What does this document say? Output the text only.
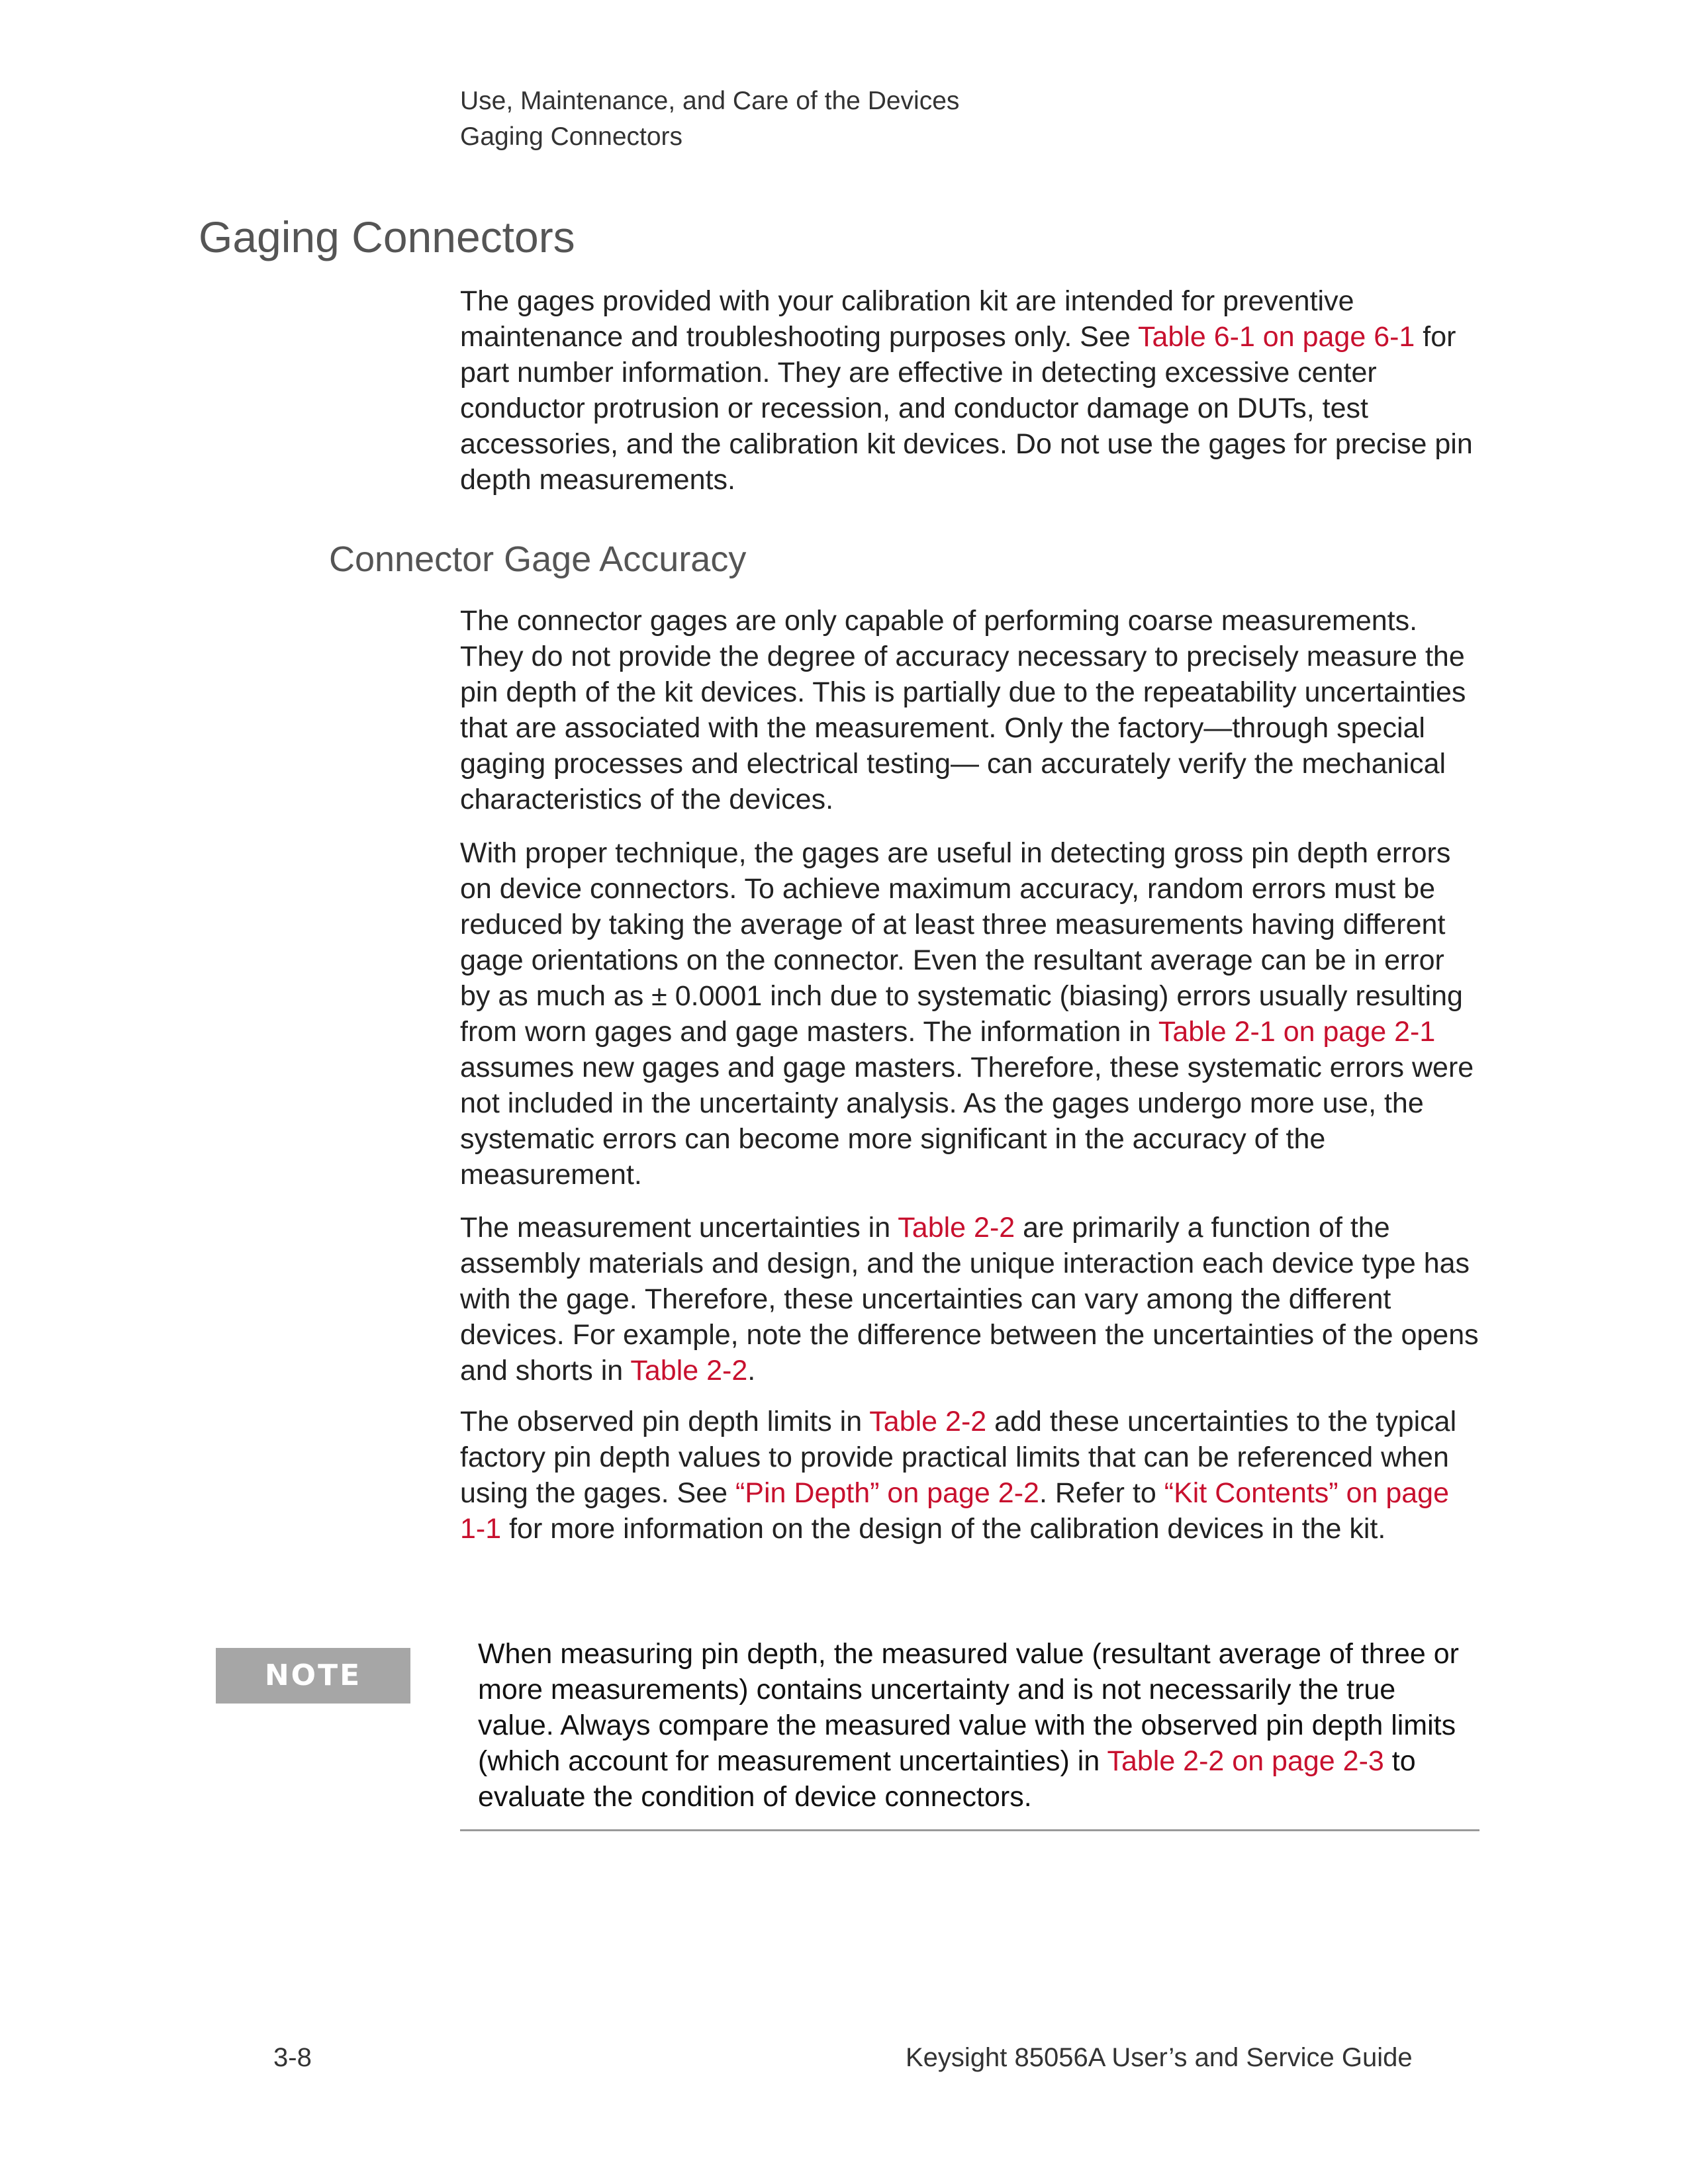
Use, Maintenance, and Care of the Devices
Gaging Connectors
Gaging Connectors

The gages provided with your calibration kit are intended for preventive maintenance and troubleshooting purposes only. See Table 6-1 on page 6-1 for part number information. They are effective in detecting excessive center conductor protrusion or recession, and conductor damage on DUTs, test accessories, and the calibration kit devices. Do not use the gages for precise pin depth measurements.

Connector Gage Accuracy

The connector gages are only capable of performing coarse measurements. They do not provide the degree of accuracy necessary to precisely measure the pin depth of the kit devices. This is partially due to the repeatability uncertainties that are associated with the measurement. Only the factory—through special gaging processes and electrical testing— can accurately verify the mechanical characteristics of the devices.

With proper technique, the gages are useful in detecting gross pin depth errors on device connectors. To achieve maximum accuracy, random errors must be reduced by taking the average of at least three measurements having different gage orientations on the connector. Even the resultant average can be in error by as much as ± 0.0001 inch due to systematic (biasing) errors usually resulting from worn gages and gage masters. The information in Table 2-1 on page 2-1 assumes new gages and gage masters. Therefore, these systematic errors were not included in the uncertainty analysis. As the gages undergo more use, the systematic errors can become more significant in the accuracy of the measurement.

The measurement uncertainties in Table 2-2 are primarily a function of the assembly materials and design, and the unique interaction each device type has with the gage. Therefore, these uncertainties can vary among the different devices. For example, note the difference between the uncertainties of the opens and shorts in Table 2-2.

The observed pin depth limits in Table 2-2 add these uncertainties to the typical factory pin depth values to provide practical limits that can be referenced when using the gages. See “Pin Depth” on page 2-2. Refer to “Kit Contents” on page 1-1 for more information on the design of the calibration devices in the kit.

NOTE

When measuring pin depth, the measured value (resultant average of three or more measurements) contains uncertainty and is not necessarily the true value. Always compare the measured value with the observed pin depth limits (which account for measurement uncertainties) in Table 2-2 on page 2-3 to evaluate the condition of device connectors.

3-8	Keysight 85056A User’s and Service Guide
